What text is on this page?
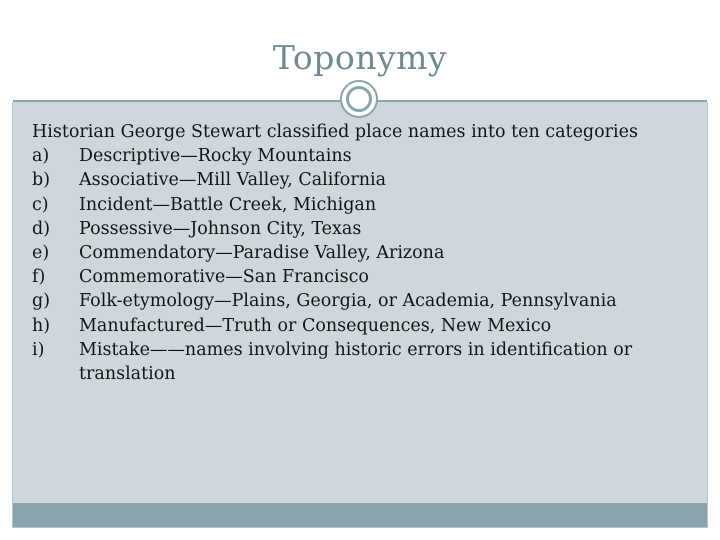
Toponymy
Historian George Stewart classified place names into ten categories
a)	Descriptive—Rocky Mountains
b)	Associative—Mill Valley, California
c)	Incident—Battle Creek, Michigan
d)	Possessive—Johnson City, Texas
e)	Commendatory—Paradise Valley, Arizona
f)	Commemorative—San Francisco
g)	Folk-etymology—Plains, Georgia, or Academia, Pennsylvania
h)	Manufactured—Truth or Consequences, New Mexico
i)	Mistake——names involving historic errors in identification or translation
